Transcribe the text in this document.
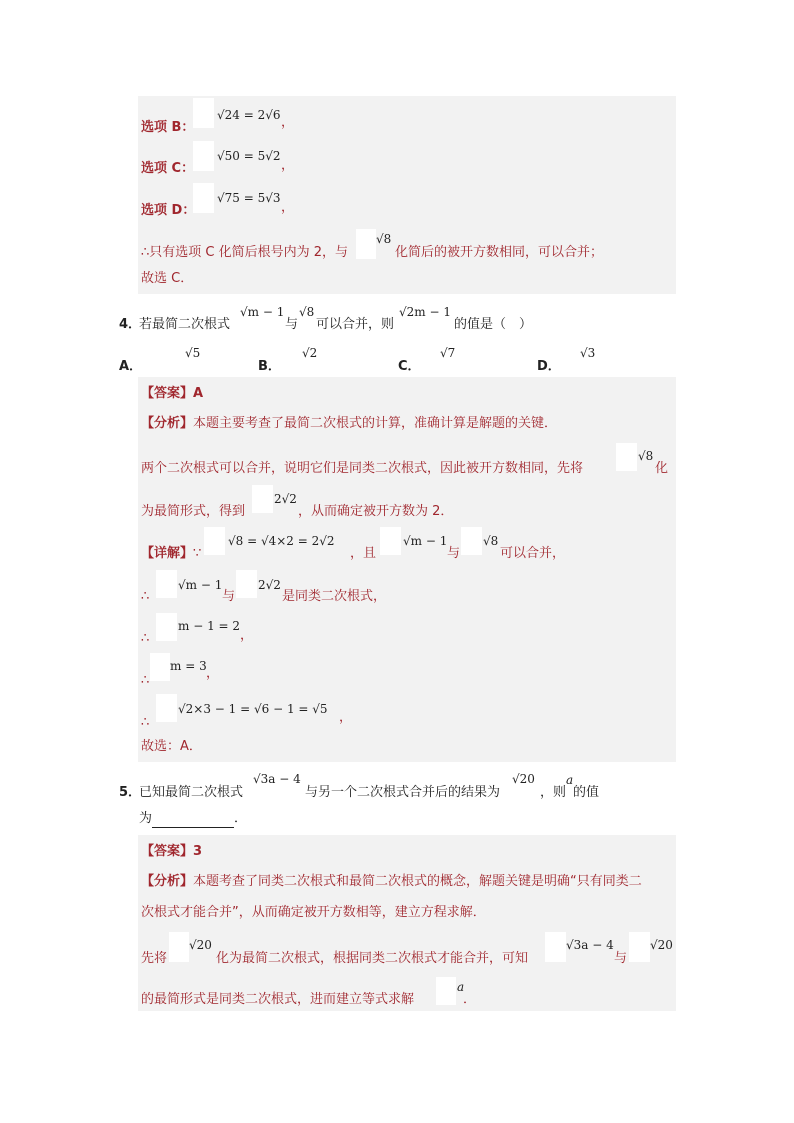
选项 B：
√24 = 2√6 ，
选项 C：
√50 = 5√2
，
选项 D：
√75 = 5√3
，
∴只有选项 C 化简后根号内为 2，与
√8
化简后的被开方数相同，可以合并；
故选 C．
4．
若最简二次根式
√m − 1
与
√8
可以合并，则
√2m − 1
的值是（　）
A．
√5
B．
√2
C．
√7
D．
√3
【答案】A
【分析】本题主要考查了最简二次根式的计算，准确计算是解题的关键．
两个二次根式可以合并，说明它们是同类二次根式，因此被开方数相同，先将
√8
化
为最简形式，得到
2√2
，从而确定被开方数为 2．
【详解】∵
√8 = √4×2 = 2√2
，且
√m − 1
与
√8
可以合并，
∴
√m − 1
与
2√2
是同类二次根式，
∴
m − 1 = 2
，
∴
m = 3 ，
∴
√2×3 − 1 = √6 − 1 = √5
，
故选：A．
5．
已知最简二次根式
√3a − 4
与另一个二次根式合并后的结果为
√20
，则
a
的值
为	．
【答案】3
【分析】本题考查了同类二次根式和最简二次根式的概念，解题关键是明确“只有同类二
次根式才能合并”，从而确定被开方数相等，建立方程求解．
先将
√20
化为最简二次根式，根据同类二次根式才能合并，可知
√3a − 4
与
√20
的最简形式是同类二次根式，进而建立等式求解
a
．
